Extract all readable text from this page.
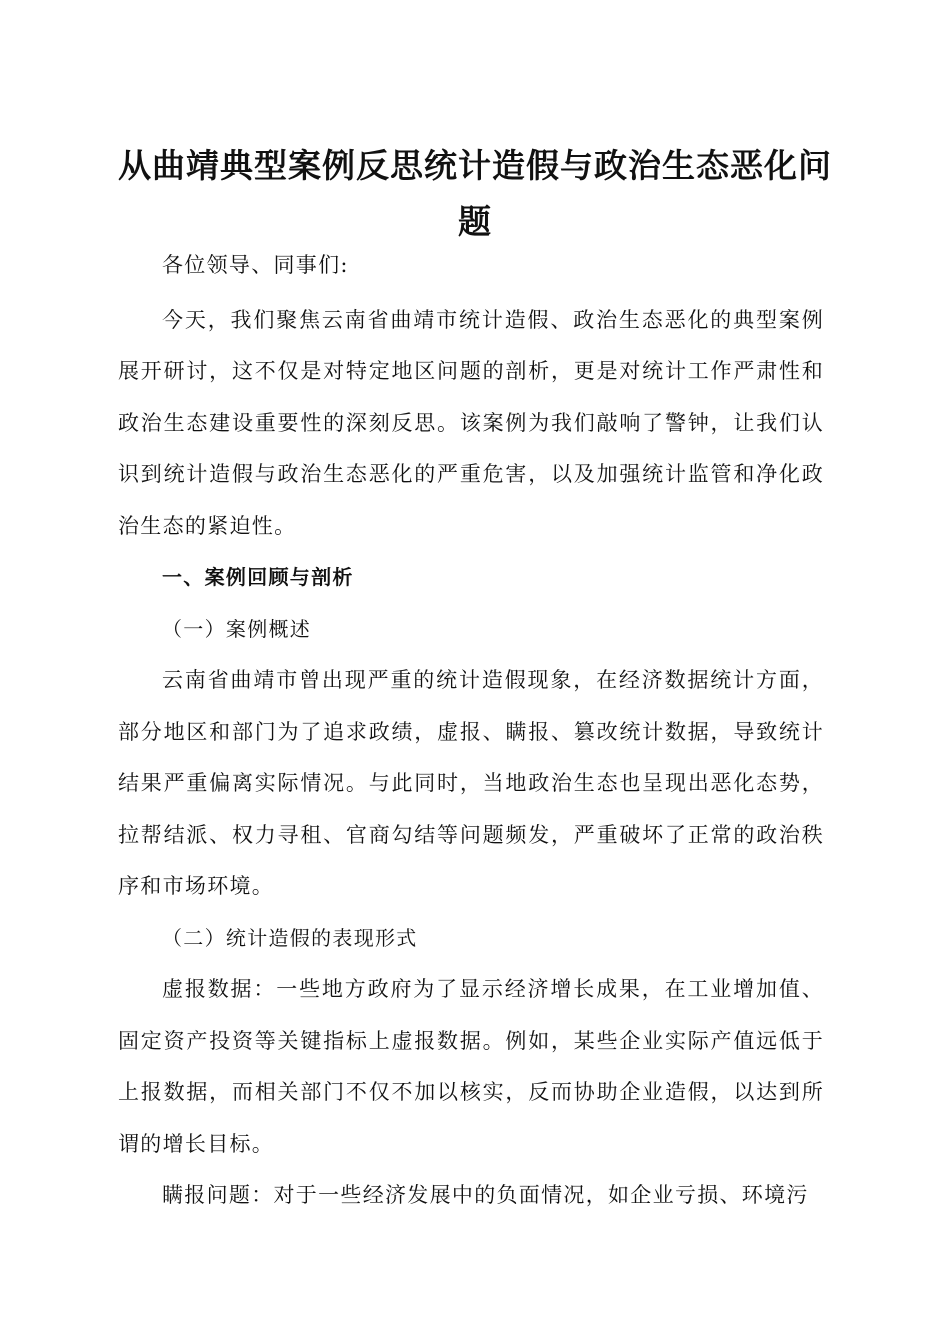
从曲靖典型案例反思统计造假与政治生态恶化问题

各位领导、同事们:

今天，我们聚焦云南省曲靖市统计造假、政治生态恶化的典型案例展开研讨，这不仅是对特定地区问题的剖析，更是对统计工作严肃性和政治生态建设重要性的深刻反思。该案例为我们敲响了警钟，让我们认识到统计造假与政治生态恶化的严重危害，以及加强统计监管和净化政治生态的紧迫性。

一、案例回顾与剖析

（一）案例概述

云南省曲靖市曾出现严重的统计造假现象，在经济数据统计方面，部分地区和部门为了追求政绩，虚报、瞒报、篡改统计数据，导致统计结果严重偏离实际情况。与此同时，当地政治生态也呈现出恶化态势，拉帮结派、权力寻租、官商勾结等问题频发，严重破坏了正常的政治秩序和市场环境。

（二）统计造假的表现形式

虚报数据：一些地方政府为了显示经济增长成果，在工业增加值、固定资产投资等关键指标上虚报数据。例如，某些企业实际产值远低于上报数据，而相关部门不仅不加以核实，反而协助企业造假，以达到所谓的增长目标。

瞒报问题：对于一些经济发展中的负面情况，如企业亏损、环境污
